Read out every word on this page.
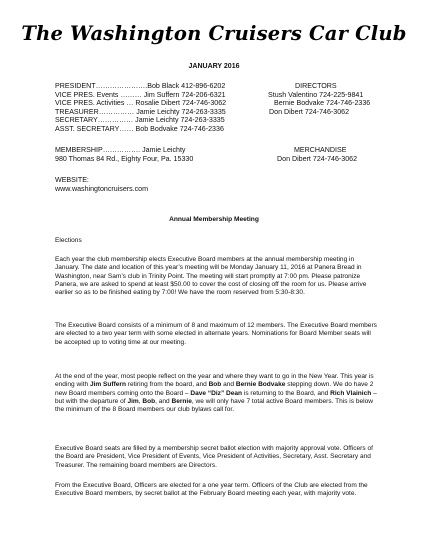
The Washington Cruisers Car Club
JANUARY 2016
PRESIDENT………………….Bob Black 412-896-6202
VICE PRES. Events ……… Jim Suffern 724-206-6321
VICE PRES. Activities … Rosalie Dibert 724-746-3062
TREASURER…………… Jamie Leichty 724-263-3335
SECRETARY…………… Jamie Leichty 724-263-3335
ASST. SECRETARY…… Bob Bodvake 724-746-2336
DIRECTORS
Stush Valentino 724-225-9841
Bernie Bodvake 724-746-2336
Don Dibert 724-746-3062
MEMBERSHIP……………. Jamie Leichty
980 Thomas 84 Rd., Eighty Four, Pa. 15330
MERCHANDISE
Don Dibert 724-746-3062
WEBSITE:
www.washingtoncruisers.com
Annual Membership Meeting
Elections
Each year the club membership elects Executive Board members at the annual membership meeting in January. The date and location of this year’s meeting will be Monday January 11, 2016 at Panera Bread in Washington, near Sam’s club in Trinity Point. The meeting will start promptly at 7:00 pm. Please patronize Panera, we are asked to spend at least $50.00 to cover the cost of closing off the room for us. Please arrive earlier so as to be finished eating by 7:00! We have the room reserved from 5:30-8:30.
The Executive Board consists of a minimum of 8 and maximum of 12 members. The Executive Board members are elected to a two year term with some elected in alternate years. Nominations for Board Member seats will be accepted up to voting time at our meeting.
At the end of the year, most people reflect on the year and where they want to go in the New Year. This year is ending with Jim Suffern retiring from the board, and Bob and Bernie Bodvake stepping down. We do have 2 new Board members coming onto the Board – Dave “Diz” Dean is returning to the Board, and Rich Vlainich – but with the departure of Jim, Bob, and Bernie, we will only have 7 total active Board members. This is below the minimum of the 8 Board members our club bylaws call for.
Executive Board seats are filled by a membership secret ballot election with majority approval vote. Officers of the Board are President, Vice President of Events, Vice President of Activities, Secretary, Asst. Secretary and Treasurer. The remaining board members are Directors.
From the Executive Board, Officers are elected for a one year term. Officers of the Club are elected from the Executive Board members, by secret ballot at the February Board meeting each year, with majority vote.
